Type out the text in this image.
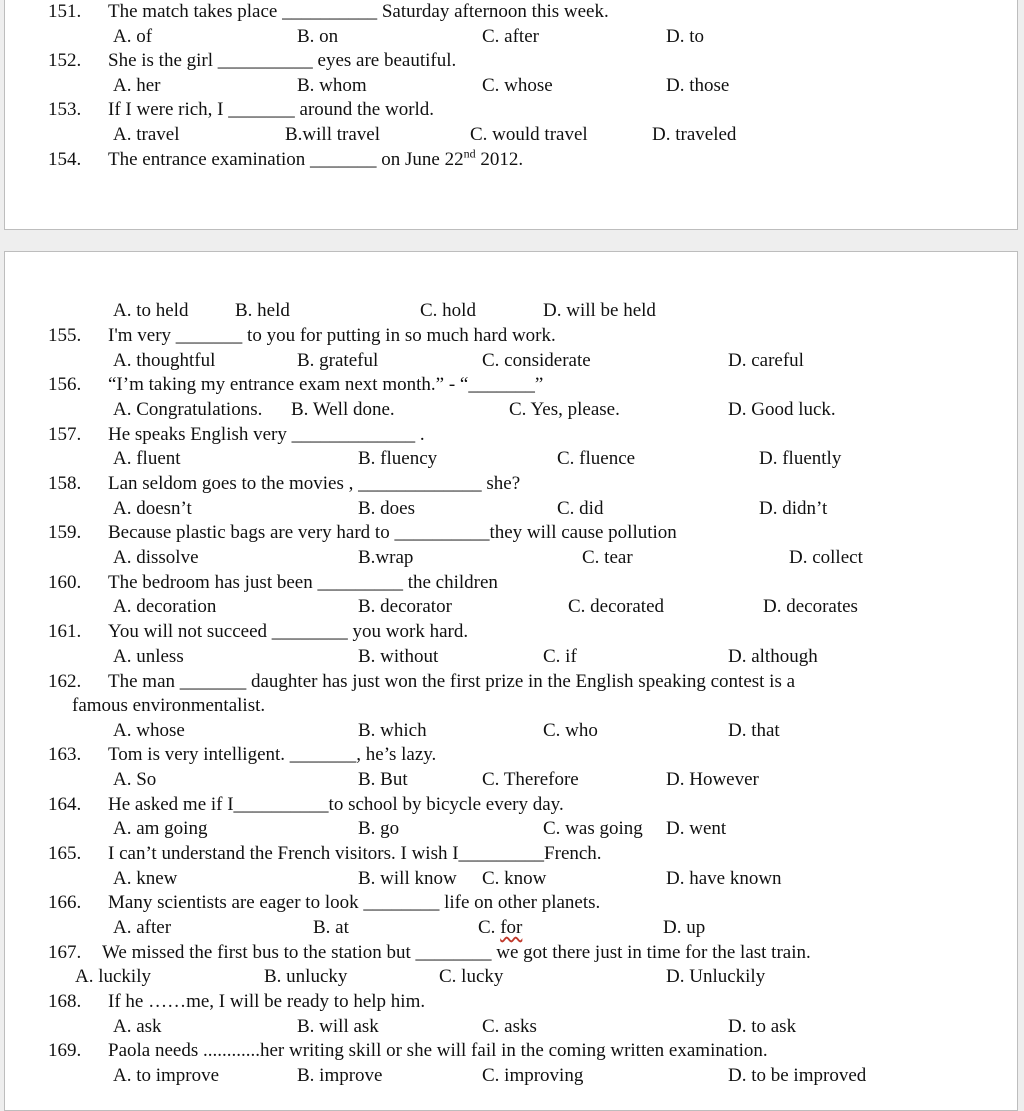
151. The match takes place __________ Saturday afternoon this week.
A. of	B. on	C. after	D. to
152. She is the girl __________ eyes are beautiful.
A. her	B. whom	C. whose	D. those
153. If I were rich, I _______ around the world.
A. travel	B.will travel	C. would travel	D. traveled
154. The entrance examination _______ on June 22nd 2012.
A. to held B. held	C. hold	D. will be held
155. I'm very _______ to you for putting in so much hard work.
A. thoughtful	B. grateful	C. considerate	D. careful
156. “I’m taking my entrance exam next month.” - “_______”
A. Congratulations. B. Well done.	C. Yes, please.	D. Good luck.
157. He speaks English very _____________ .
A. fluent	B. fluency	C. fluence	D. fluently
158. Lan seldom goes to the movies , _____________ she?
A. doesn’t	B. does	C. did	D. didn’t
159. Because plastic bags are very hard to __________they will cause pollution
A. dissolve	B.wrap	C. tear	D. collect
160. The bedroom has just been _________ the children
A. decoration	B. decorator	C. decorated	D. decorates
161. You will not succeed ________ you work hard.
A. unless	B. without	C. if	D. although
162. The man _______ daughter has just won the first prize in the English speaking contest is a
famous environmentalist.
A. whose	B. which	C. who	D. that
163. Tom is very intelligent. _______, he’s lazy.
A. So	B. But	C. Therefore	D. However
164. He asked me if I__________to school by bicycle every day.
A. am going	B. go	C. was going D. went
165. I can’t understand the French visitors. I wish I_________French.
A. knew	B. will know C. know	D. have known
166. Many scientists are eager to look ________ life on other planets.
A. after	B. at	C. for	D. up
167. We missed the first bus to the station but ________ we got there just in time for the last train.
A. luckily	B. unlucky	C. lucky	D. Unluckily
168. If he ……me, I will be ready to help him.
A. ask	B. will ask	C. asks	D. to ask
169. Paola needs ............her writing skill or she will fail in the coming written examination.
A. to improve	B. improve	C. improving	D. to be improved
